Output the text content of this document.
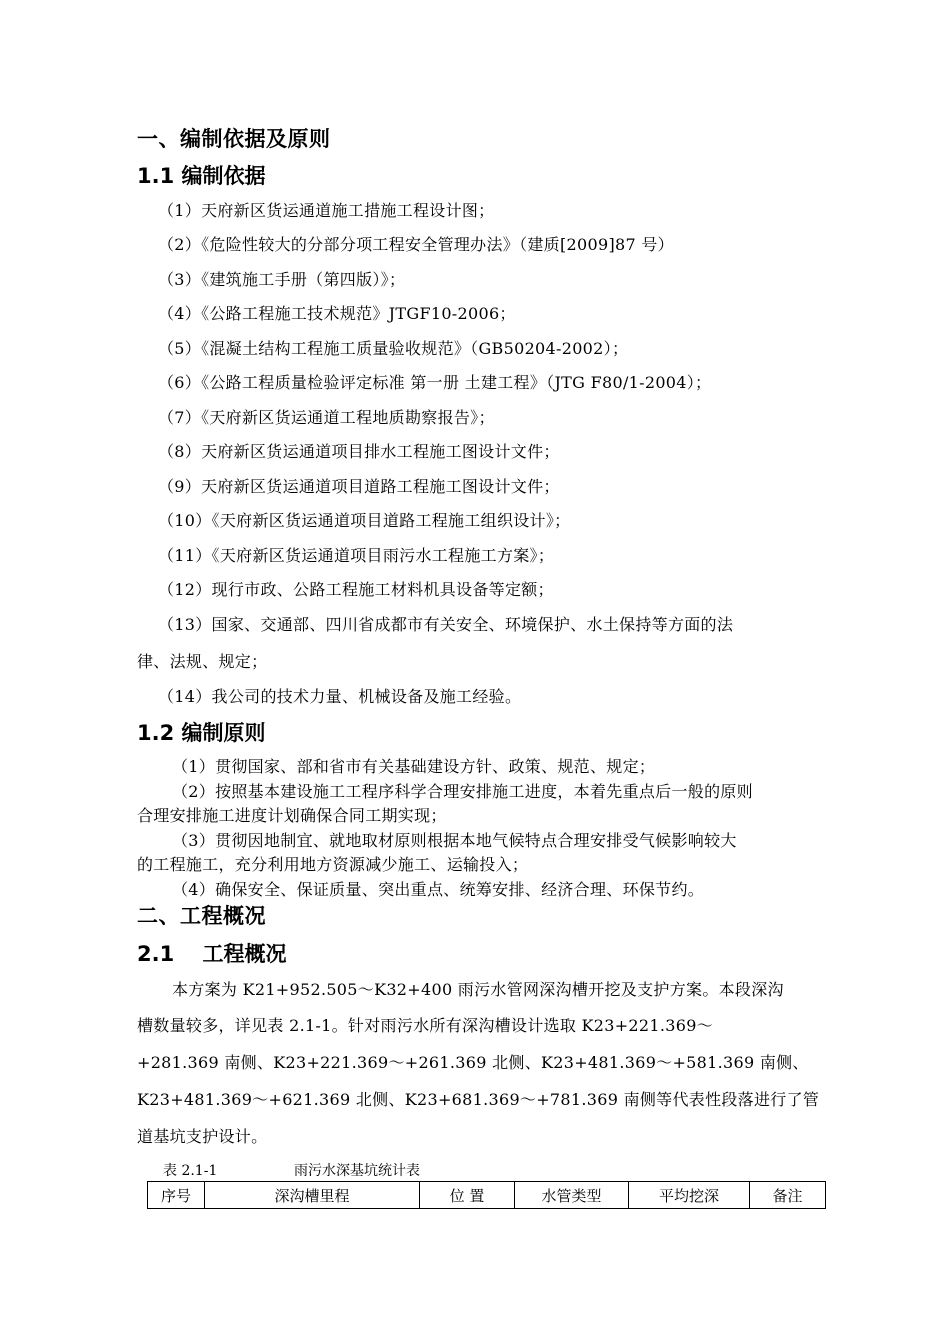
一、编制依据及原则
1.1 编制依据
（1）天府新区货运通道施工措施工程设计图；
（2）《危险性较大的分部分项工程安全管理办法》（建质[2009]87 号）
（3）《建筑施工手册（第四版）》；
（4）《公路工程施工技术规范》JTGF10-2006；
（5）《混凝土结构工程施工质量验收规范》（GB50204-2002）；
（6）《公路工程质量检验评定标准 第一册 土建工程》（JTG F80/1-2004）；
（7）《天府新区货运通道工程地质勘察报告》；
（8）天府新区货运通道项目排水工程施工图设计文件；
（9）天府新区货运通道项目道路工程施工图设计文件；
（10）《天府新区货运通道项目道路工程施工组织设计》；
（11）《天府新区货运通道项目雨污水工程施工方案》；
（12）现行市政、公路工程施工材料机具设备等定额；
（13）国家、交通部、四川省成都市有关安全、环境保护、水土保持等方面的法
律、法规、规定；
（14）我公司的技术力量、机械设备及施工经验。
1.2 编制原则
（1）贯彻国家、部和省市有关基础建设方针、政策、规范、规定；
（2）按照基本建设施工工程序科学合理安排施工进度，本着先重点后一般的原则
合理安排施工进度计划确保合同工期实现；
（3）贯彻因地制宜、就地取材原则根据本地气候特点合理安排受气候影响较大
的工程施工，充分利用地方资源减少施工、运输投入；
（4）确保安全、保证质量、突出重点、统筹安排、经济合理、环保节约。
二、工程概况
2.1　 工程概况
本方案为 K21+952.505～K32+400 雨污水管网深沟槽开挖及支护方案。本段深沟
槽数量较多，详见表 2.1-1。针对雨污水所有深沟槽设计选取 K23+221.369～
+281.369 南侧、K23+221.369～+261.369 北侧、K23+481.369～+581.369 南侧、
K23+481.369～+621.369 北侧、K23+681.369～+781.369 南侧等代表性段落进行了管
道基坑支护设计。
表 2.1-1	雨污水深基坑统计表
序号	深沟槽里程	位 置	水管类型	平均挖深	备注
